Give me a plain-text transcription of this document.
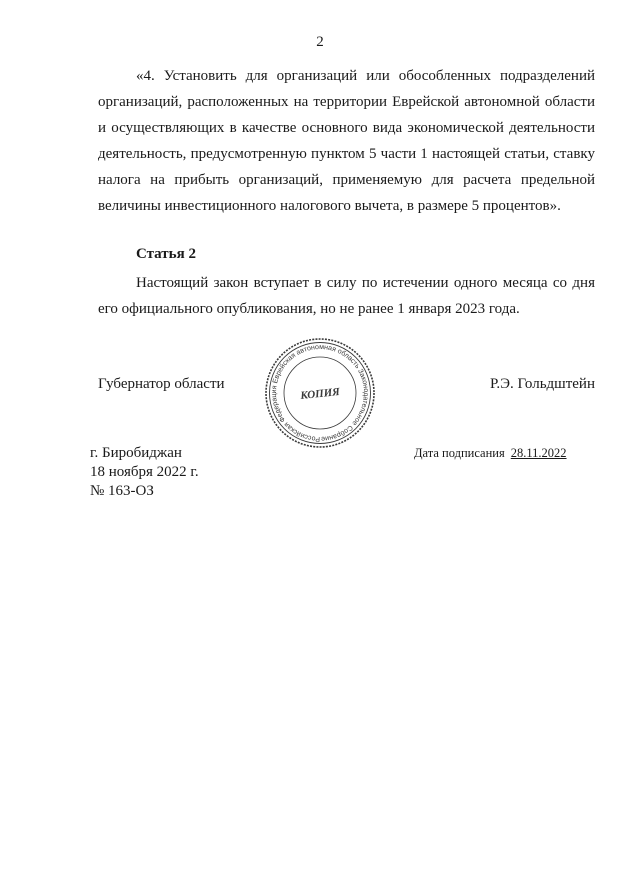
2

«4. Установить для организаций или обособленных подразделений организаций, расположенных на территории Еврейской автономной области и осуществляющих в качестве основного вида экономической деятельности деятельность, предусмотренную пунктом 5 части 1 настоящей статьи, ставку налога на прибыть организаций, применяемую для расчета предельной величины инвестиционного налогового вычета, в размере 5 процентов».

Статья 2

Настоящий закон вступает в силу по истечении одного месяца со дня его официального опубликования, но не ранее 1 января 2023 года.

Губернатор области	Р.Э. Гольдштейн
Российская Федерация Еврейская автономная область Законодательное Собрание
КОПИЯ
г. Биробиджан
18 ноября 2022 г.
№ 163-ОЗ
Дата подписания 28.11.2022
